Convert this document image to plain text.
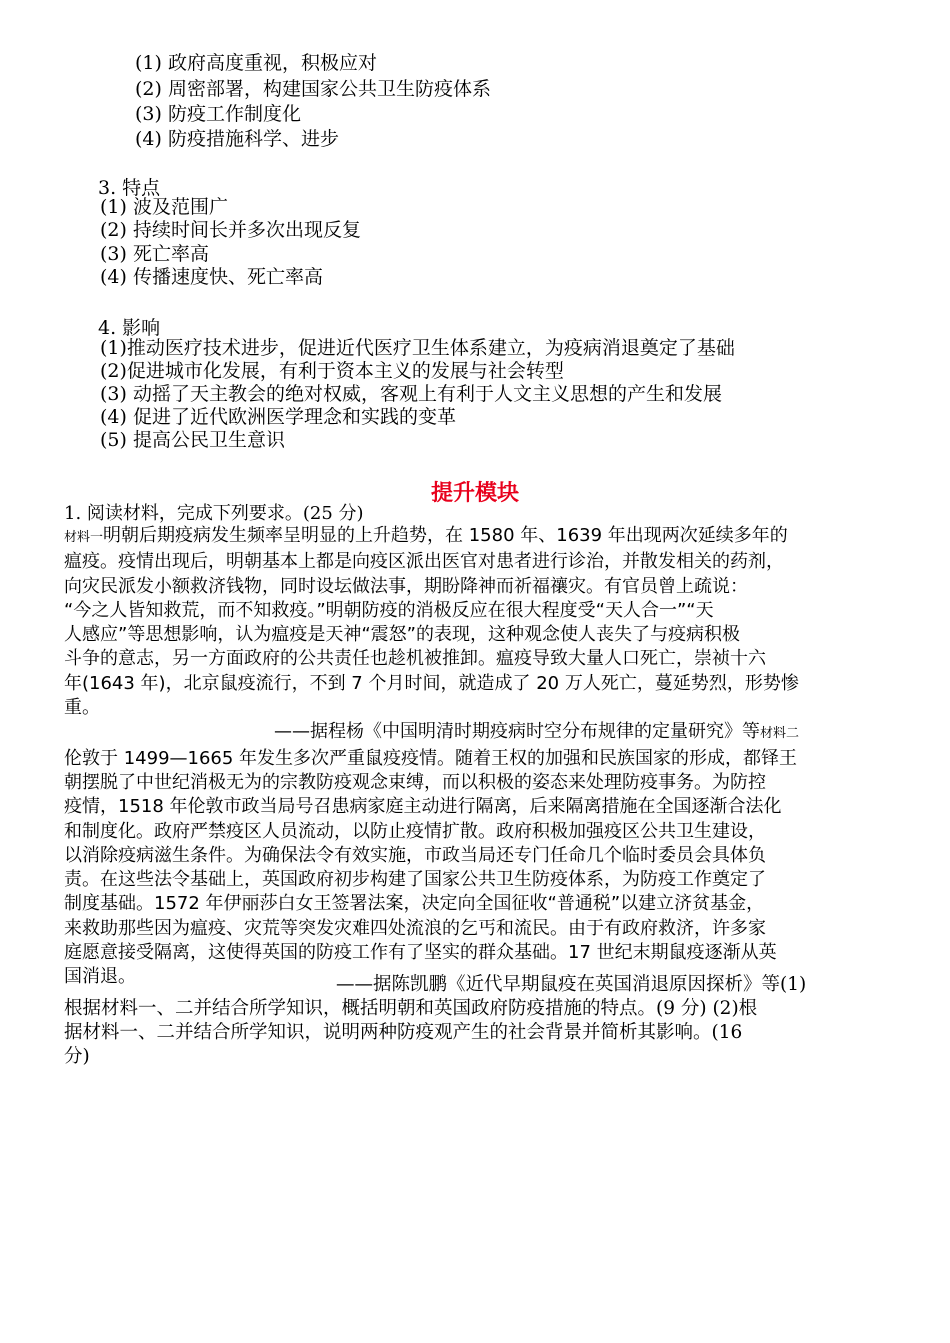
(1) 政府高度重视，积极应对

(2) 周密部署，构建国家公共卫生防疫体系

(3) 防疫工作制度化

(4) 防疫措施科学、进步

3. 特点

(1) 波及范围广

(2) 持续时间长并多次出现反复

(3) 死亡率高

(4) 传播速度快、死亡率高

4. 影响

(1)推动医疗技术进步，促进近代医疗卫生体系建立，为疫病消退奠定了基础

(2)促进城市化发展，有利于资本主义的发展与社会转型

(3) 动摇了天主教会的绝对权威，客观上有利于人文主义思想的产生和发展

(4) 促进了近代欧洲医学理念和实践的变革

(5) 提高公民卫生意识

提升模块

1. 阅读材料，完成下列要求。(25 分)

材料一明朝后期疫病发生频率呈明显的上升趋势，在 1580 年、1639 年出现两次延续多年的
瘟疫。疫情出现后，明朝基本上都是向疫区派出医官对患者进行诊治，并散发相关的药剂，
向灾民派发小额救济钱物，同时设坛做法事，期盼降神而祈福禳灾。有官员曾上疏说：
“今之人皆知救荒，而不知救疫。”明朝防疫的消极反应在很大程度受“天人合一”“天
人感应”等思想影响，认为瘟疫是天神“震怒”的表现，这种观念使人丧失了与疫病积极
斗争的意志，另一方面政府的公共责任也趁机被推卸。瘟疫导致大量人口死亡，崇祯十六
年(1643 年)，北京鼠疫流行，不到 7 个月时间，就造成了 20 万人死亡，蔓延势烈，形势惨
重。
——据程杨《中国明清时期疫病时空分布规律的定量研究》等材料二
伦敦于 1499—1665 年发生多次严重鼠疫疫情。随着王权的加强和民族国家的形成，都铎王
朝摆脱了中世纪消极无为的宗教防疫观念束缚，而以积极的姿态来处理防疫事务。为防控
疫情，1518 年伦敦市政当局号召患病家庭主动进行隔离，后来隔离措施在全国逐渐合法化
和制度化。政府严禁疫区人员流动，以防止疫情扩散。政府积极加强疫区公共卫生建设，
以消除疫病滋生条件。为确保法令有效实施，市政当局还专门任命几个临时委员会具体负
责。在这些法令基础上，英国政府初步构建了国家公共卫生防疫体系，为防疫工作奠定了
制度基础。1572 年伊丽莎白女王签署法案，决定向全国征收“普通税”以建立济贫基金，
来救助那些因为瘟疫、灾荒等突发灾难四处流浪的乞丐和流民。由于有政府救济，许多家
庭愿意接受隔离，这使得英国的防疫工作有了坚实的群众基础。17 世纪末期鼠疫逐渐从英
国消退。	——据陈凯鹏《近代早期鼠疫在英国消退原因探析》等(1)
根据材料一、二并结合所学知识，概括明朝和英国政府防疫措施的特点。(9 分) (2)根
据材料一、二并结合所学知识，说明两种防疫观产生的社会背景并简析其影响。(16
分)
